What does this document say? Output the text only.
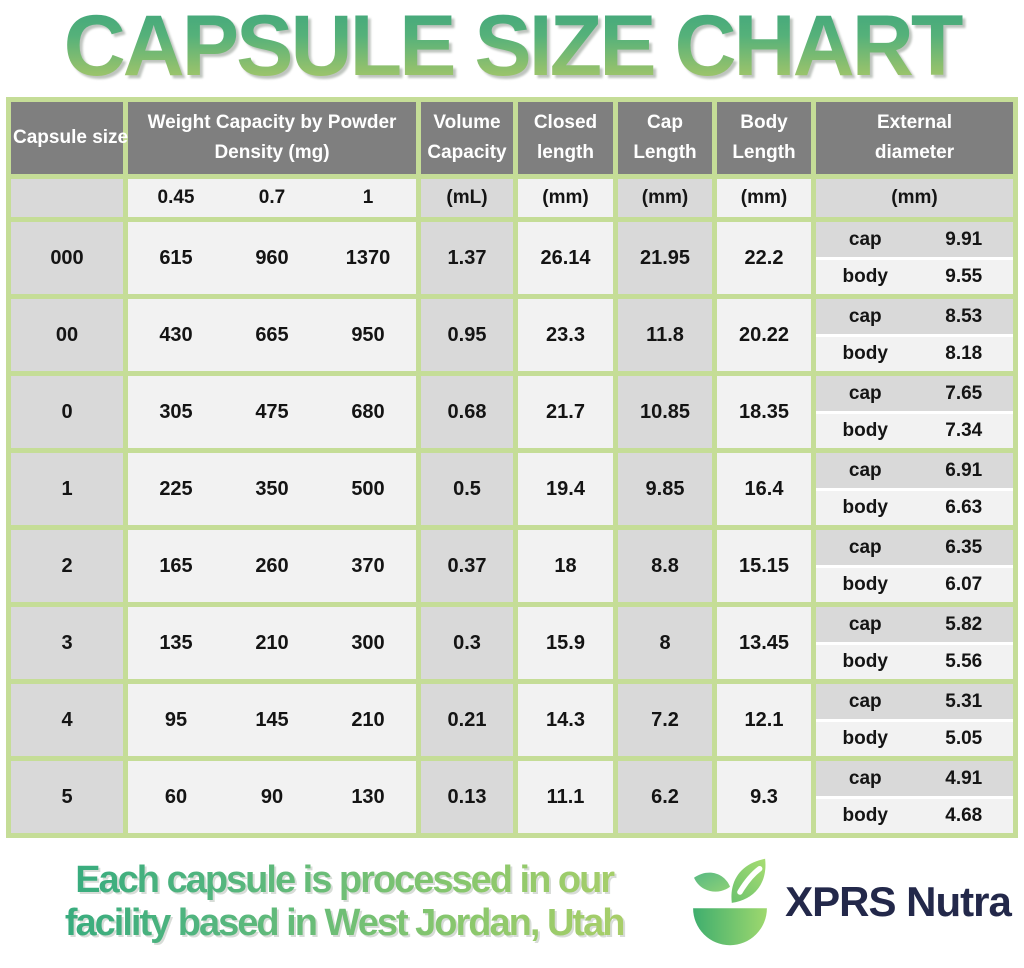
CAPSULE SIZE CHART
Capsule size	Weight Capacity by Powder Density (mg)	Volume Capacity	Closed length	Cap Length	Body Length	External diameter

	0.45 0.7 1	(mL)	(mm)	(mm)	(mm)	(mm)
000	615	960	1370	1.37	26.14	21.95	22.2	
cap	9.91
body	9.55

00	430	665	950	0.95	23.3	11.8	20.22	
cap	8.53
body	8.18

0	305	475	680	0.68	21.7	10.85	18.35	
cap	7.65
body	7.34

1	225	350	500	0.5	19.4	9.85	16.4	
cap	6.91
body	6.63

2	165	260	370	0.37	18	8.8	15.15	
cap	6.35
body	6.07

3	135	210	300	0.3	15.9	8	13.45	
cap	5.82
body	5.56

4	95	145	210	0.21	14.3	7.2	12.1	
cap	5.31
body	5.05

5	60	90	130	0.13	11.1	6.2	9.3	
cap	4.91
body	4.68
Each capsule is processed in our
facility based in West Jordan, Utah	XPRS Nutra
